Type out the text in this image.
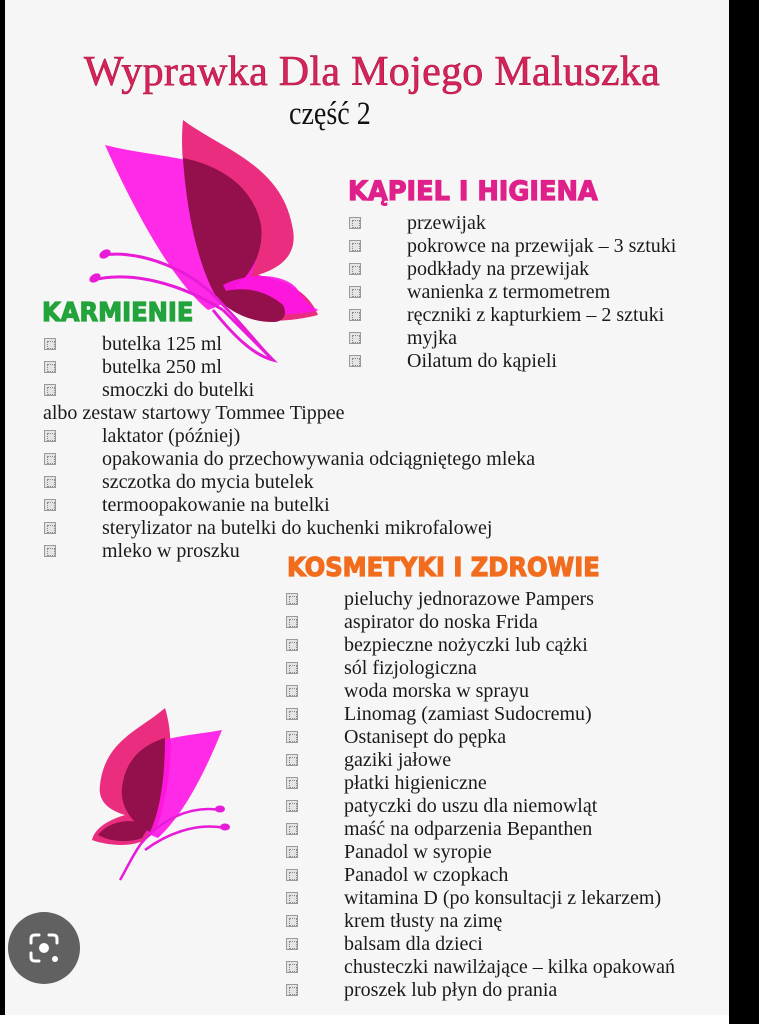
Wyprawka Dla Mojego Maluszka
część 2
KĄPIEL I HIGIENA
przewijak
pokrowce na przewijak – 3 sztuki
podkłady na przewijak
wanienka z termometrem
ręczniki z kapturkiem – 2 sztuki
myjka
Oilatum do kąpieli
KARMIENIE
butelka 125 ml
butelka 250 ml
smoczki do butelki
albo zestaw startowy Tommee Tippee
laktator (później)
opakowania do przechowywania odciągniętego mleka
szczotka do mycia butelek
termoopakowanie na butelki
sterylizator na butelki do kuchenki mikrofalowej
mleko w proszku
KOSMETYKI I ZDROWIE
pieluchy jednorazowe Pampers
aspirator do noska Frida
bezpieczne nożyczki lub cążki
sól fizjologiczna
woda morska w sprayu
Linomag (zamiast Sudocremu)
Ostanisept do pępka
gaziki jałowe
płatki higieniczne
patyczki do uszu dla niemowląt
maść na odparzenia Bepanthen
Panadol w syropie
Panadol w czopkach
witamina D (po konsultacji z lekarzem)
krem tłusty na zimę
balsam dla dzieci
chusteczki nawilżające – kilka opakowań
proszek lub płyn do prania
